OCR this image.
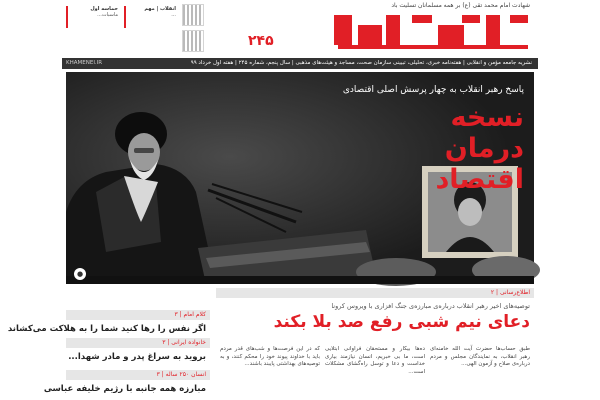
شهادت امام محمد تقی (ع) بر همه مسلمانان تسلیت باد
۲۴۵
حماسه اول
ماسبات...
انقلاب | مهم
...
نشریه جامعه مؤمن و انقلابی | هفته‌نامه خبری، تحلیلی، تبیینی سازمان صحت، مساجد و هیئت‌های مذهبی | سال پنجم، شماره ۲۴۵ | هفته اول خرداد ۹۹
KHAMENEI.IR
پاسخ رهبر انقلاب به چهار پرسش اصلی اقتصادی
نسخه درمان
اقتصاد
●
کلام امام | ۳
اگر نفس را رها کنید شما را به هلاکت می‌کشاند
خانواده ایرانی | ۳
بروید به سراغ پدر و مادر شهدا...
انسان ۲۵۰ ساله | ۳
مبارزه همه جانبه با رژیم خلیفه عباسی
اطلاع‌رسانی | ۲
توصیه‌های اخیر رهبر انقلاب درباره‌ی مبارزه‌ی جنگ افزاری با ویروس کرونا
دعای نیم شبی رفع صد بلا بکند
طبق حساب‌ها حضرت آیت الله خامنه‌ای رهبر انقلاب، به نمایندگان مجلس و مردم درباره‌ی صلاح و آزمون الهی...
ده‌ها بیکار و مستحقان فراوانی ابتلایی است، ما بی خبریم، انسان نیازمند بیاری خداست و دعا و توسل راه‌گشای مشکلات است...
که در این فرصت‌ها و شب‌های قدر مردم باید با خداوند پیوند خود را محکم کنند، و به توصیه‌های بهداشتی پایبند باشند...
